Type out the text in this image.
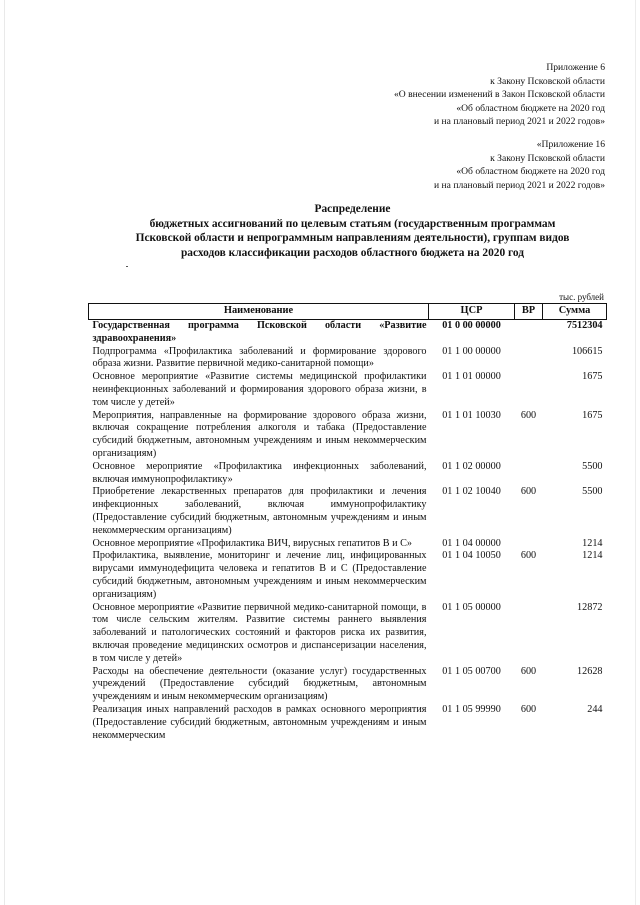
Приложение 6
к Закону Псковской области
«О внесении изменений в Закон Псковской области
«Об областном бюджете на 2020 год
и на плановый период 2021 и 2022 годов»
«Приложение 16
к Закону Псковской области
«Об областном бюджете на 2020 год
и на плановый период 2021 и 2022 годов»
Распределение
бюджетных ассигнований по целевым статьям (государственным программам
Псковской области и непрограммным направлениям деятельности), группам видов
расходов классификации расходов областного бюджета на 2020 год
тыс. рублей
Наименование	ЦСР	ВР	Сумма
Государственная программа Псковской области «Развитие здравоохранения»	01 0 00 00000		7512304
Подпрограмма «Профилактика заболеваний и формирование здорового образа жизни. Развитие первичной медико-санитарной помощи»	01 1 00 00000		106615
Основное мероприятие «Развитие системы медицинской профилактики неинфекционных заболеваний и формирования здорового образа жизни, в том числе у детей»	01 1 01 00000		1675
Мероприятия, направленные на формирование здорового образа жизни, включая сокращение потребления алкоголя и табака (Предоставление субсидий бюджетным, автономным учреждениям и иным некоммерческим организациям)	01 1 01 10030	600	1675
Основное мероприятие «Профилактика инфекционных заболеваний, включая иммунопрофилактику»	01 1 02 00000		5500
Приобретение лекарственных препаратов для профилактики и лечения инфекционных заболеваний, включая иммунопрофилактику (Предоставление субсидий бюджетным, автономным учреждениям и иным некоммерческим организациям)	01 1 02 10040	600	5500
Основное мероприятие «Профилактика ВИЧ, вирусных гепатитов В и С»	01 1 04 00000		1214
Профилактика, выявление, мониторинг и лечение лиц, инфицированных вирусами иммунодефицита человека и гепатитов В и С (Предоставление субсидий бюджетным, автономным учреждениям и иным некоммерческим организациям)	01 1 04 10050	600	1214
Основное мероприятие «Развитие первичной медико-санитарной помощи, в том числе сельским жителям. Развитие системы раннего выявления заболеваний и патологических состояний и факторов риска их развития, включая проведение медицинских осмотров и диспансеризации населения, в том числе у детей»	01 1 05 00000		12872
Расходы на обеспечение деятельности (оказание услуг) государственных учреждений (Предоставление субсидий бюджетным, автономным учреждениям и иным некоммерческим организациям)	01 1 05 00700	600	12628
Реализация иных направлений расходов в рамках основного мероприятия (Предоставление субсидий бюджетным, автономным учреждениям и иным некоммерческим	01 1 05 99990	600	244
